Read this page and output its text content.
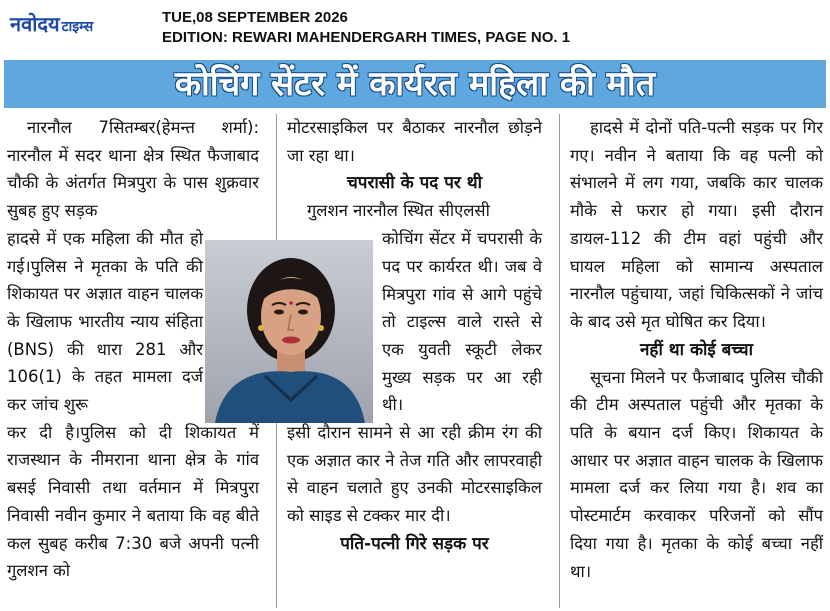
नवोदय टाइम्स
TUE,08 SEPTEMBER 2026
EDITION: REWARI MAHENDERGARH TIMES, PAGE NO. 1
कोचिंग सेंटर में कार्यरत महिला की मौत

नारनौल 7सितम्बर(हेमन्त शर्मा): नारनौल में सदर थाना क्षेत्र स्थित फैजाबाद चौकी के अंतर्गत मित्रपुरा के पास शुक्रवार सुबह हुए सड़क

हादसे में एक महिला की मौत हो गई।पुलिस ने मृतका के पति की शिकायत पर अज्ञात वाहन चालक के खिलाफ भारतीय न्याय संहिता (BNS) की धारा 281 और 106(1) के तहत मामला दर्ज कर जांच शुरू

कर दी है।पुलिस को दी शिकायत में राजस्थान के नीमराना थाना क्षेत्र के गांव बसई निवासी तथा वर्तमान में मित्रपुरा निवासी नवीन कुमार ने बताया कि वह बीते कल सुबह करीब 7:30 बजे अपनी पत्नी गुलशन को

मोटरसाइकिल पर बैठाकर नारनौल छोड़ने जा रहा था।

चपरासी के पद पर थी

गुलशन नारनौल स्थित सीएलसी

कोचिंग सेंटर में चपरासी के पद पर कार्यरत थी। जब वे मित्रपुरा गांव से आगे पहुंचे तो टाइल्स वाले रास्ते से एक युवती स्कूटी लेकर मुख्य सड़क पर आ रही थी।

इसी दौरान सामने से आ रही क्रीम रंग की एक अज्ञात कार ने तेज गति और लापरवाही से वाहन चलाते हुए उनकी मोटरसाइकिल को साइड से टक्कर मार दी।

पति-पत्नी गिरे सड़क पर

हादसे में दोनों पति-पत्नी सड़क पर गिर गए। नवीन ने बताया कि वह पत्नी को संभालने में लग गया, जबकि कार चालक मौके से फरार हो गया। इसी दौरान डायल-112 की टीम वहां पहुंची और घायल महिला को सामान्य अस्पताल नारनौल पहुंचाया, जहां चिकित्सकों ने जांच के बाद उसे मृत घोषित कर दिया।

नहीं था कोई बच्चा

सूचना मिलने पर फैजाबाद पुलिस चौकी की टीम अस्पताल पहुंची और मृतका के पति के बयान दर्ज किए। शिकायत के आधार पर अज्ञात वाहन चालक के खिलाफ मामला दर्ज कर लिया गया है। शव का पोस्टमार्टम करवाकर परिजनों को सौंप दिया गया है। मृतका के कोई बच्चा नहीं था।
